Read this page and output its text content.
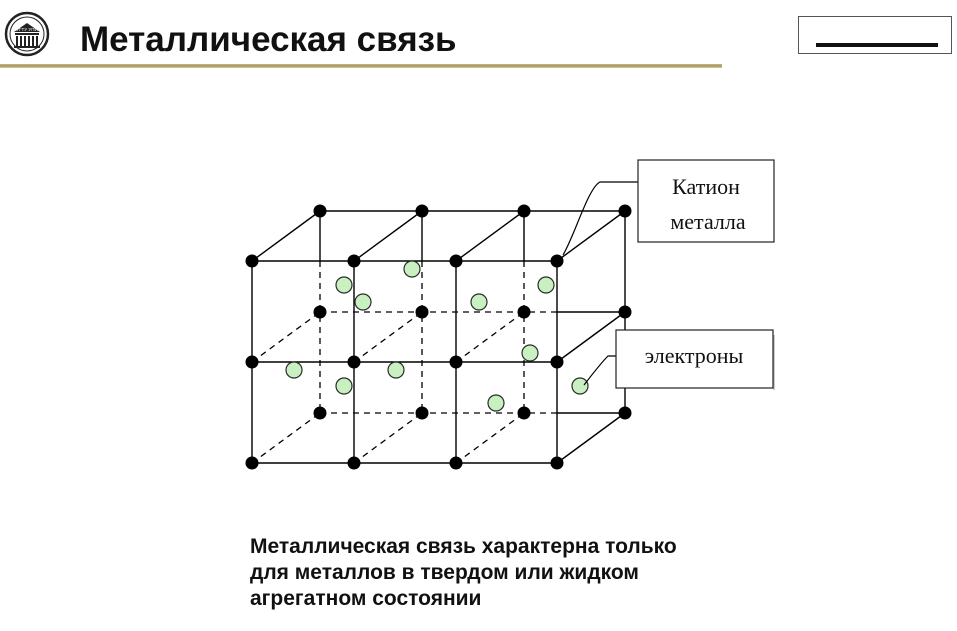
УГТУ УПИ Металлическая связь
Катион
металла
электроны
Металлическая связь характерна только
для металлов в твердом или жидком
агрегатном состоянии
